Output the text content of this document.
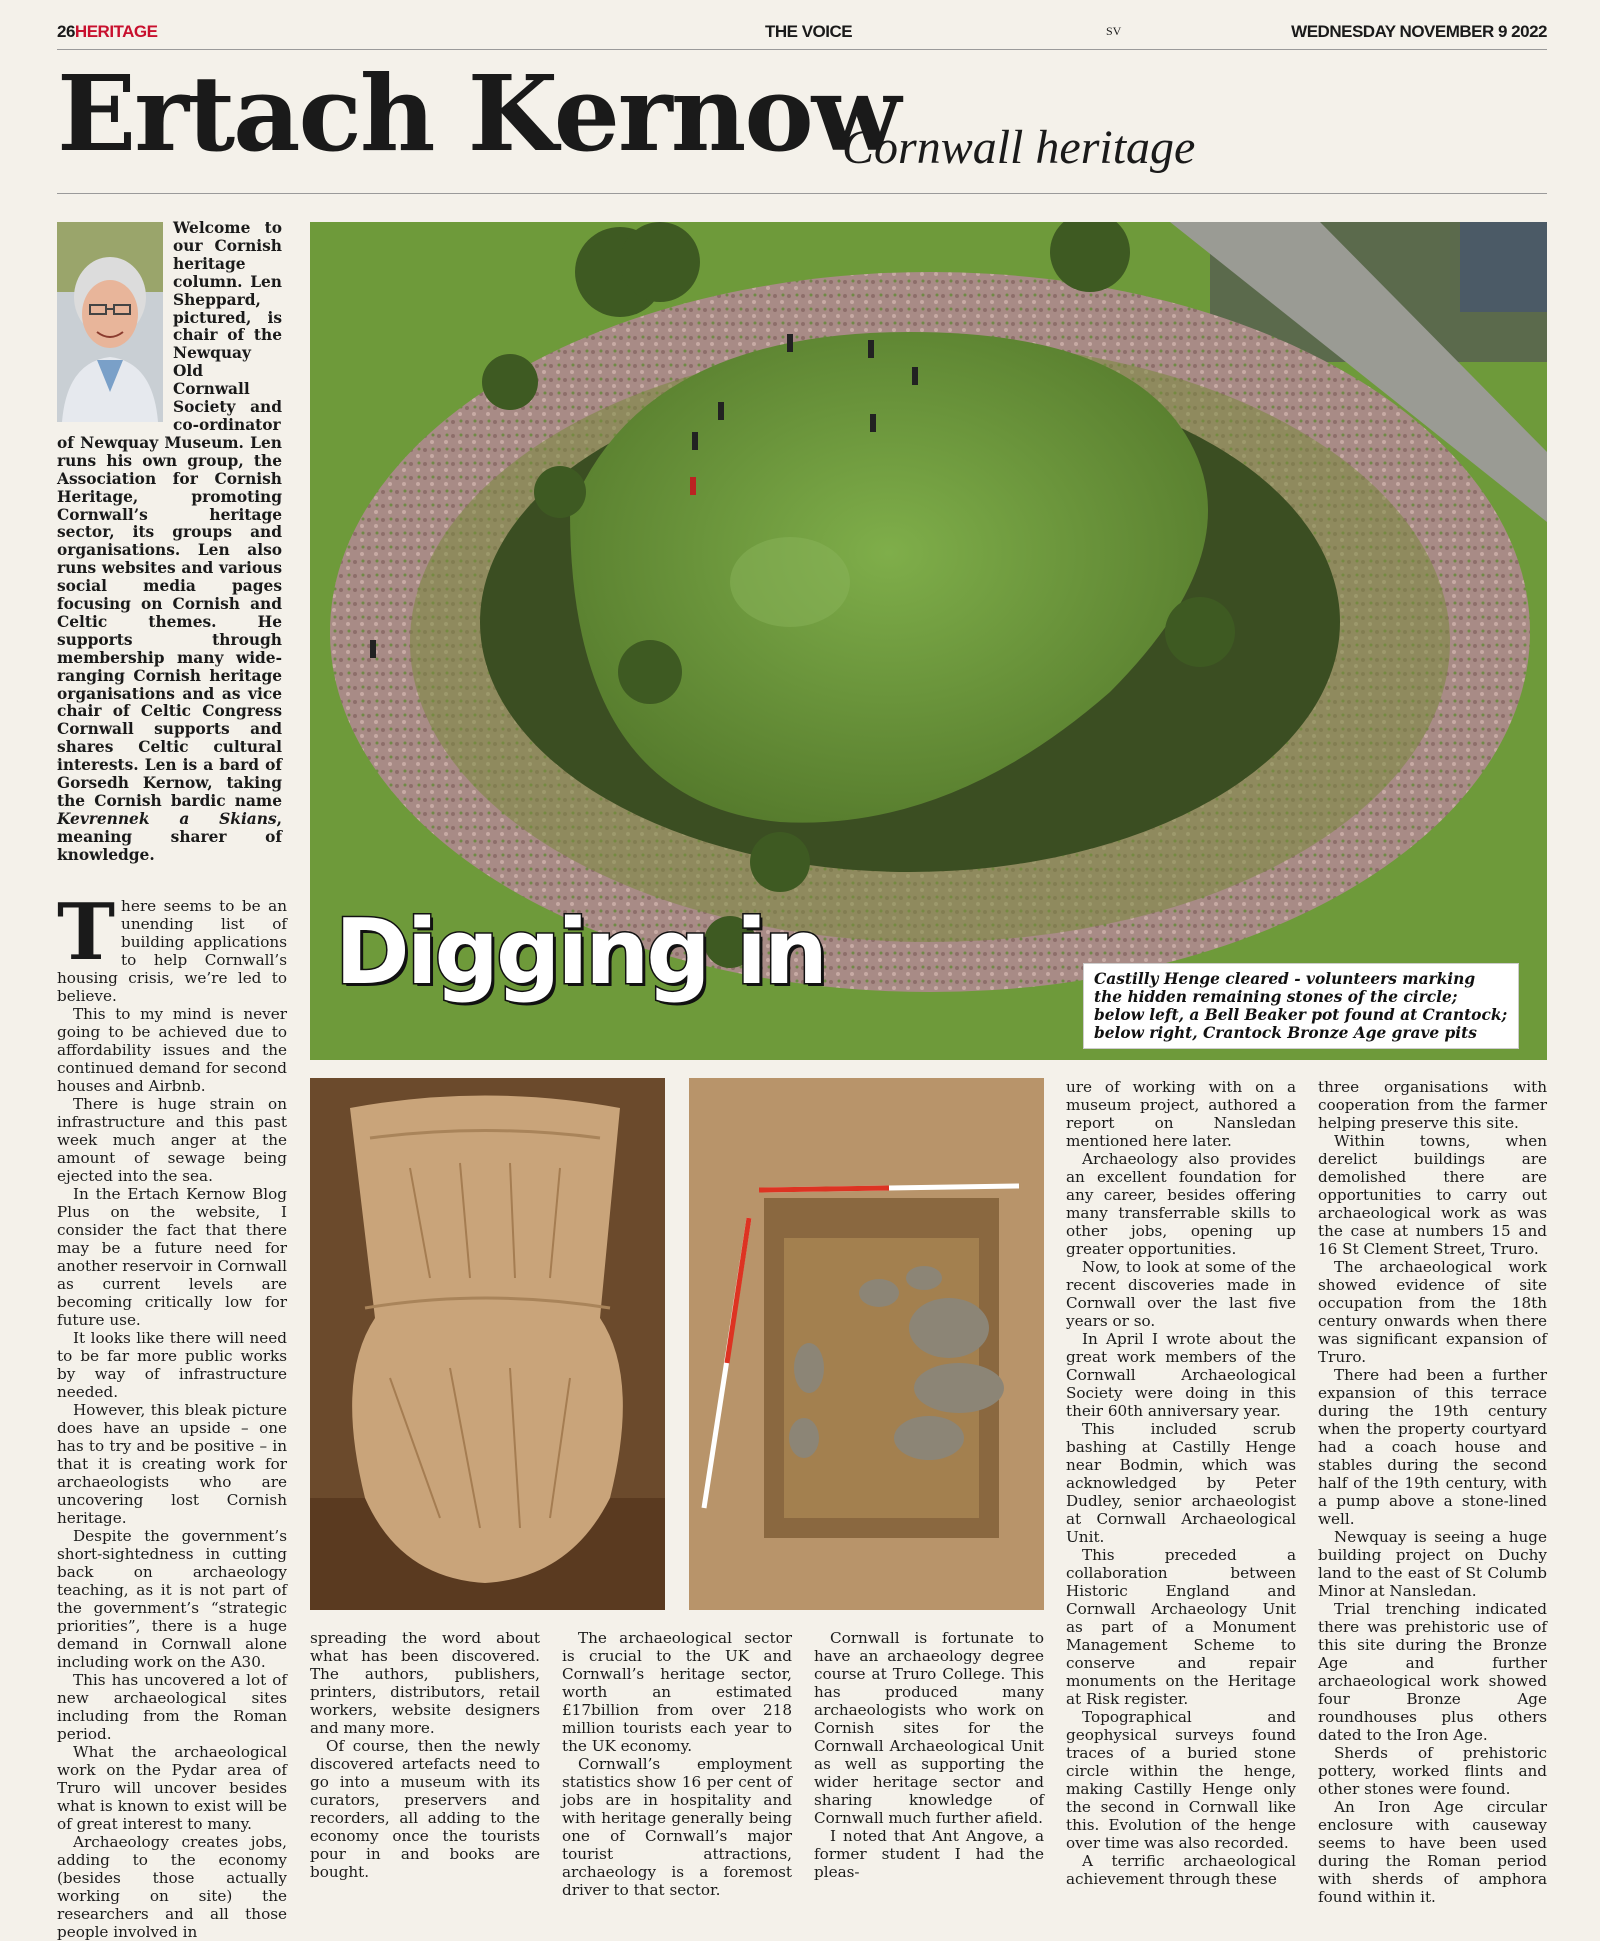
26HERITAGE	THE VOICE	SV	WEDNESDAY NOVEMBER 9 2022
Ertach Kernow
Cornwall heritage
Welcome to our Cornish heritage column. Len Sheppard, pictured, is chair of the Newquay Old Cornwall Society and co-ordinator of Newquay Museum. Len runs his own group, the Association for Cornish Heritage, promoting Cornwall’s heritage sector, its groups and organisations. Len also runs websites and various social media pages focusing on Cornish and Celtic themes. He supports through membership many wide-ranging Cornish heritage organisations and as vice chair of Celtic Congress Cornwall supports and shares Celtic cultural interests. Len is a bard of Gorsedh Kernow, taking the Cornish bardic name Kevrennek a Skians, meaning sharer of knowledge.
Digging in	Castilly Henge cleared - volunteers marking the hidden remaining stones of the circle; below left, a Bell Beaker pot found at Crantock; below right, Crantock Bronze Age grave pits

There seems to be an unending list of building applications to help Cornwall’s housing crisis, we’re led to believe.

This to my mind is never going to be achieved due to affordability issues and the continued demand for second houses and Airbnb.

There is huge strain on infrastructure and this past week much anger at the amount of sewage being ejected into the sea.

In the Ertach Kernow Blog Plus on the website, I consider the fact that there may be a future need for another reservoir in Cornwall as current levels are becoming critically low for future use.

It looks like there will need to be far more public works by way of infrastructure needed.

However, this bleak picture does have an upside – one has to try and be positive – in that it is creating work for archaeologists who are uncovering lost Cornish heritage.

Despite the government’s short-sightedness in cutting back on archaeology teaching, as it is not part of the government’s “strategic priorities”, there is a huge demand in Cornwall alone including work on the A30.

This has uncovered a lot of new archaeological sites including from the Roman period.

What the archaeological work on the Pydar area of Truro will uncover besides what is known to exist will be of great interest to many.

Archaeology creates jobs, adding to the economy (besides those actually working on site) the researchers and all those people involved in

spreading the word about what has been discovered. The authors, publishers, printers, distributors, retail workers, website designers and many more.

Of course, then the newly discovered artefacts need to go into a museum with its curators, preservers and recorders, all adding to the economy once the tourists pour in and books are bought.

The archaeological sector is crucial to the UK and Cornwall’s heritage sector, worth an estimated £17billion from over 218 million tourists each year to the UK economy.

Cornwall’s employment statistics show 16 per cent of jobs are in hospitality and with heritage generally being one of Cornwall’s major tourist attractions, archaeology is a foremost driver to that sector.

Cornwall is fortunate to have an archaeology degree course at Truro College. This has produced many archaeologists who work on Cornish sites for the Cornwall Archaeological Unit as well as supporting the wider heritage sector and sharing knowledge of Cornwall much further afield.

I noted that Ant Angove, a former student I had the pleas-

ure of working with on a museum project, authored a report on Nansledan mentioned here later.

Archaeology also provides an excellent foundation for any career, besides offering many transferrable skills to other jobs, opening up greater opportunities.

Now, to look at some of the recent discoveries made in Cornwall over the last five years or so.

In April I wrote about the great work members of the Cornwall Archaeological Society were doing in this their 60th anniversary year.

This included scrub bashing at Castilly Henge near Bodmin, which was acknowledged by Peter Dudley, senior archaeologist at Cornwall Archaeological Unit.

This preceded a collaboration between Historic England and Cornwall Archaeology Unit as part of a Monument Management Scheme to conserve and repair monuments on the Heritage at Risk register.

Topographical and geophysical surveys found traces of a buried stone circle within the henge, making Castilly Henge only the second in Cornwall like this. Evolution of the henge over time was also recorded.

A terrific archaeological achievement through these

three organisations with cooperation from the farmer helping preserve this site.

Within towns, when derelict buildings are demolished there are opportunities to carry out archaeological work as was the case at numbers 15 and 16 St Clement Street, Truro.

The archaeological work showed evidence of site occupation from the 18th century onwards when there was significant expansion of Truro.

There had been a further expansion of this terrace during the 19th century when the property courtyard had a coach house and stables during the second half of the 19th century, with a pump above a stone-lined well.

Newquay is seeing a huge building project on Duchy land to the east of St Columb Minor at Nansledan.

Trial trenching indicated there was prehistoric use of this site during the Bronze Age and further archaeological work showed four Bronze Age roundhouses plus others dated to the Iron Age.

Sherds of prehistoric pottery, worked flints and other stones were found.

An Iron Age circular enclosure with causeway seems to have been used during the Roman period with sherds of amphora found within it.
